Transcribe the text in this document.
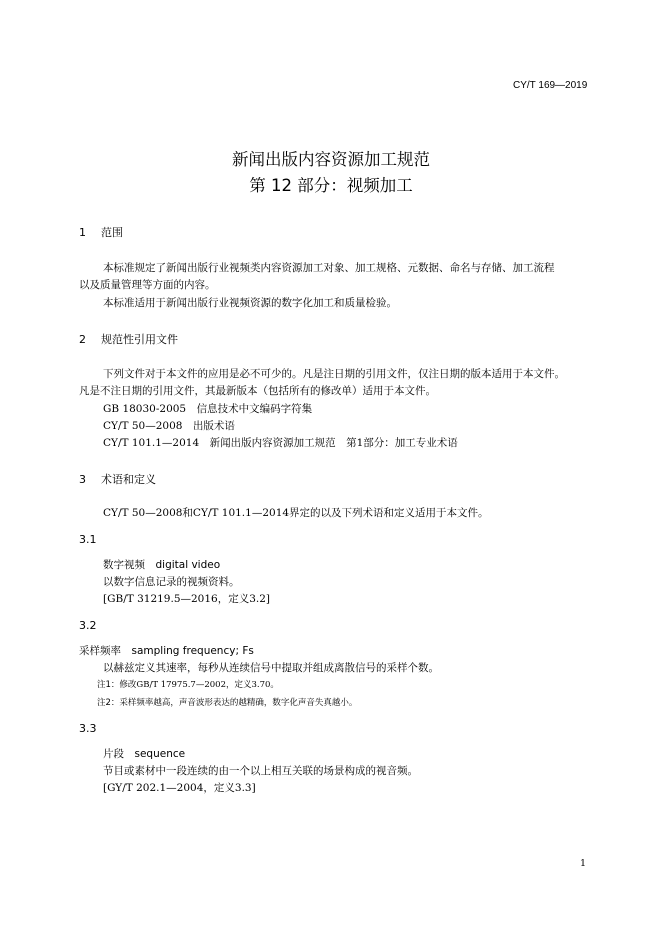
CY/T 169—2019
新闻出版内容资源加工规范
第 12 部分：视频加工
1 范围
本标准规定了新闻出版行业视频类内容资源加工对象、加工规格、元数据、命名与存储、加工流程
以及质量管理等方面的内容。
本标准适用于新闻出版行业视频资源的数字化加工和质量检验。
2 规范性引用文件
下列文件对于本文件的应用是必不可少的。凡是注日期的引用文件，仅注日期的版本适用于本文件。
凡是不注日期的引用文件，其最新版本（包括所有的修改单）适用于本文件。
GB 18030-2005　信息技术中文编码字符集
CY/T 50—2008　出版术语
CY/T 101.1—2014　新闻出版内容资源加工规范　第1部分：加工专业术语
3 术语和定义
CY/T 50—2008和CY/T 101.1—2014界定的以及下列术语和定义适用于本文件。
3.1
数字视频　digital video
以数字信息记录的视频资料。
[GB/T 31219.5—2016，定义3.2]
3.2
采样频率　sampling frequency; Fs
以赫兹定义其速率，每秒从连续信号中提取并组成离散信号的采样个数。
注1：修改GB/T 17975.7—2002，定义3.70。
注2：采样频率越高，声音波形表达的越精确，数字化声音失真越小。
3.3
片段　sequence
节目或素材中一段连续的由一个以上相互关联的场景构成的视音频。
[GY/T 202.1—2004，定义3.3]
1
